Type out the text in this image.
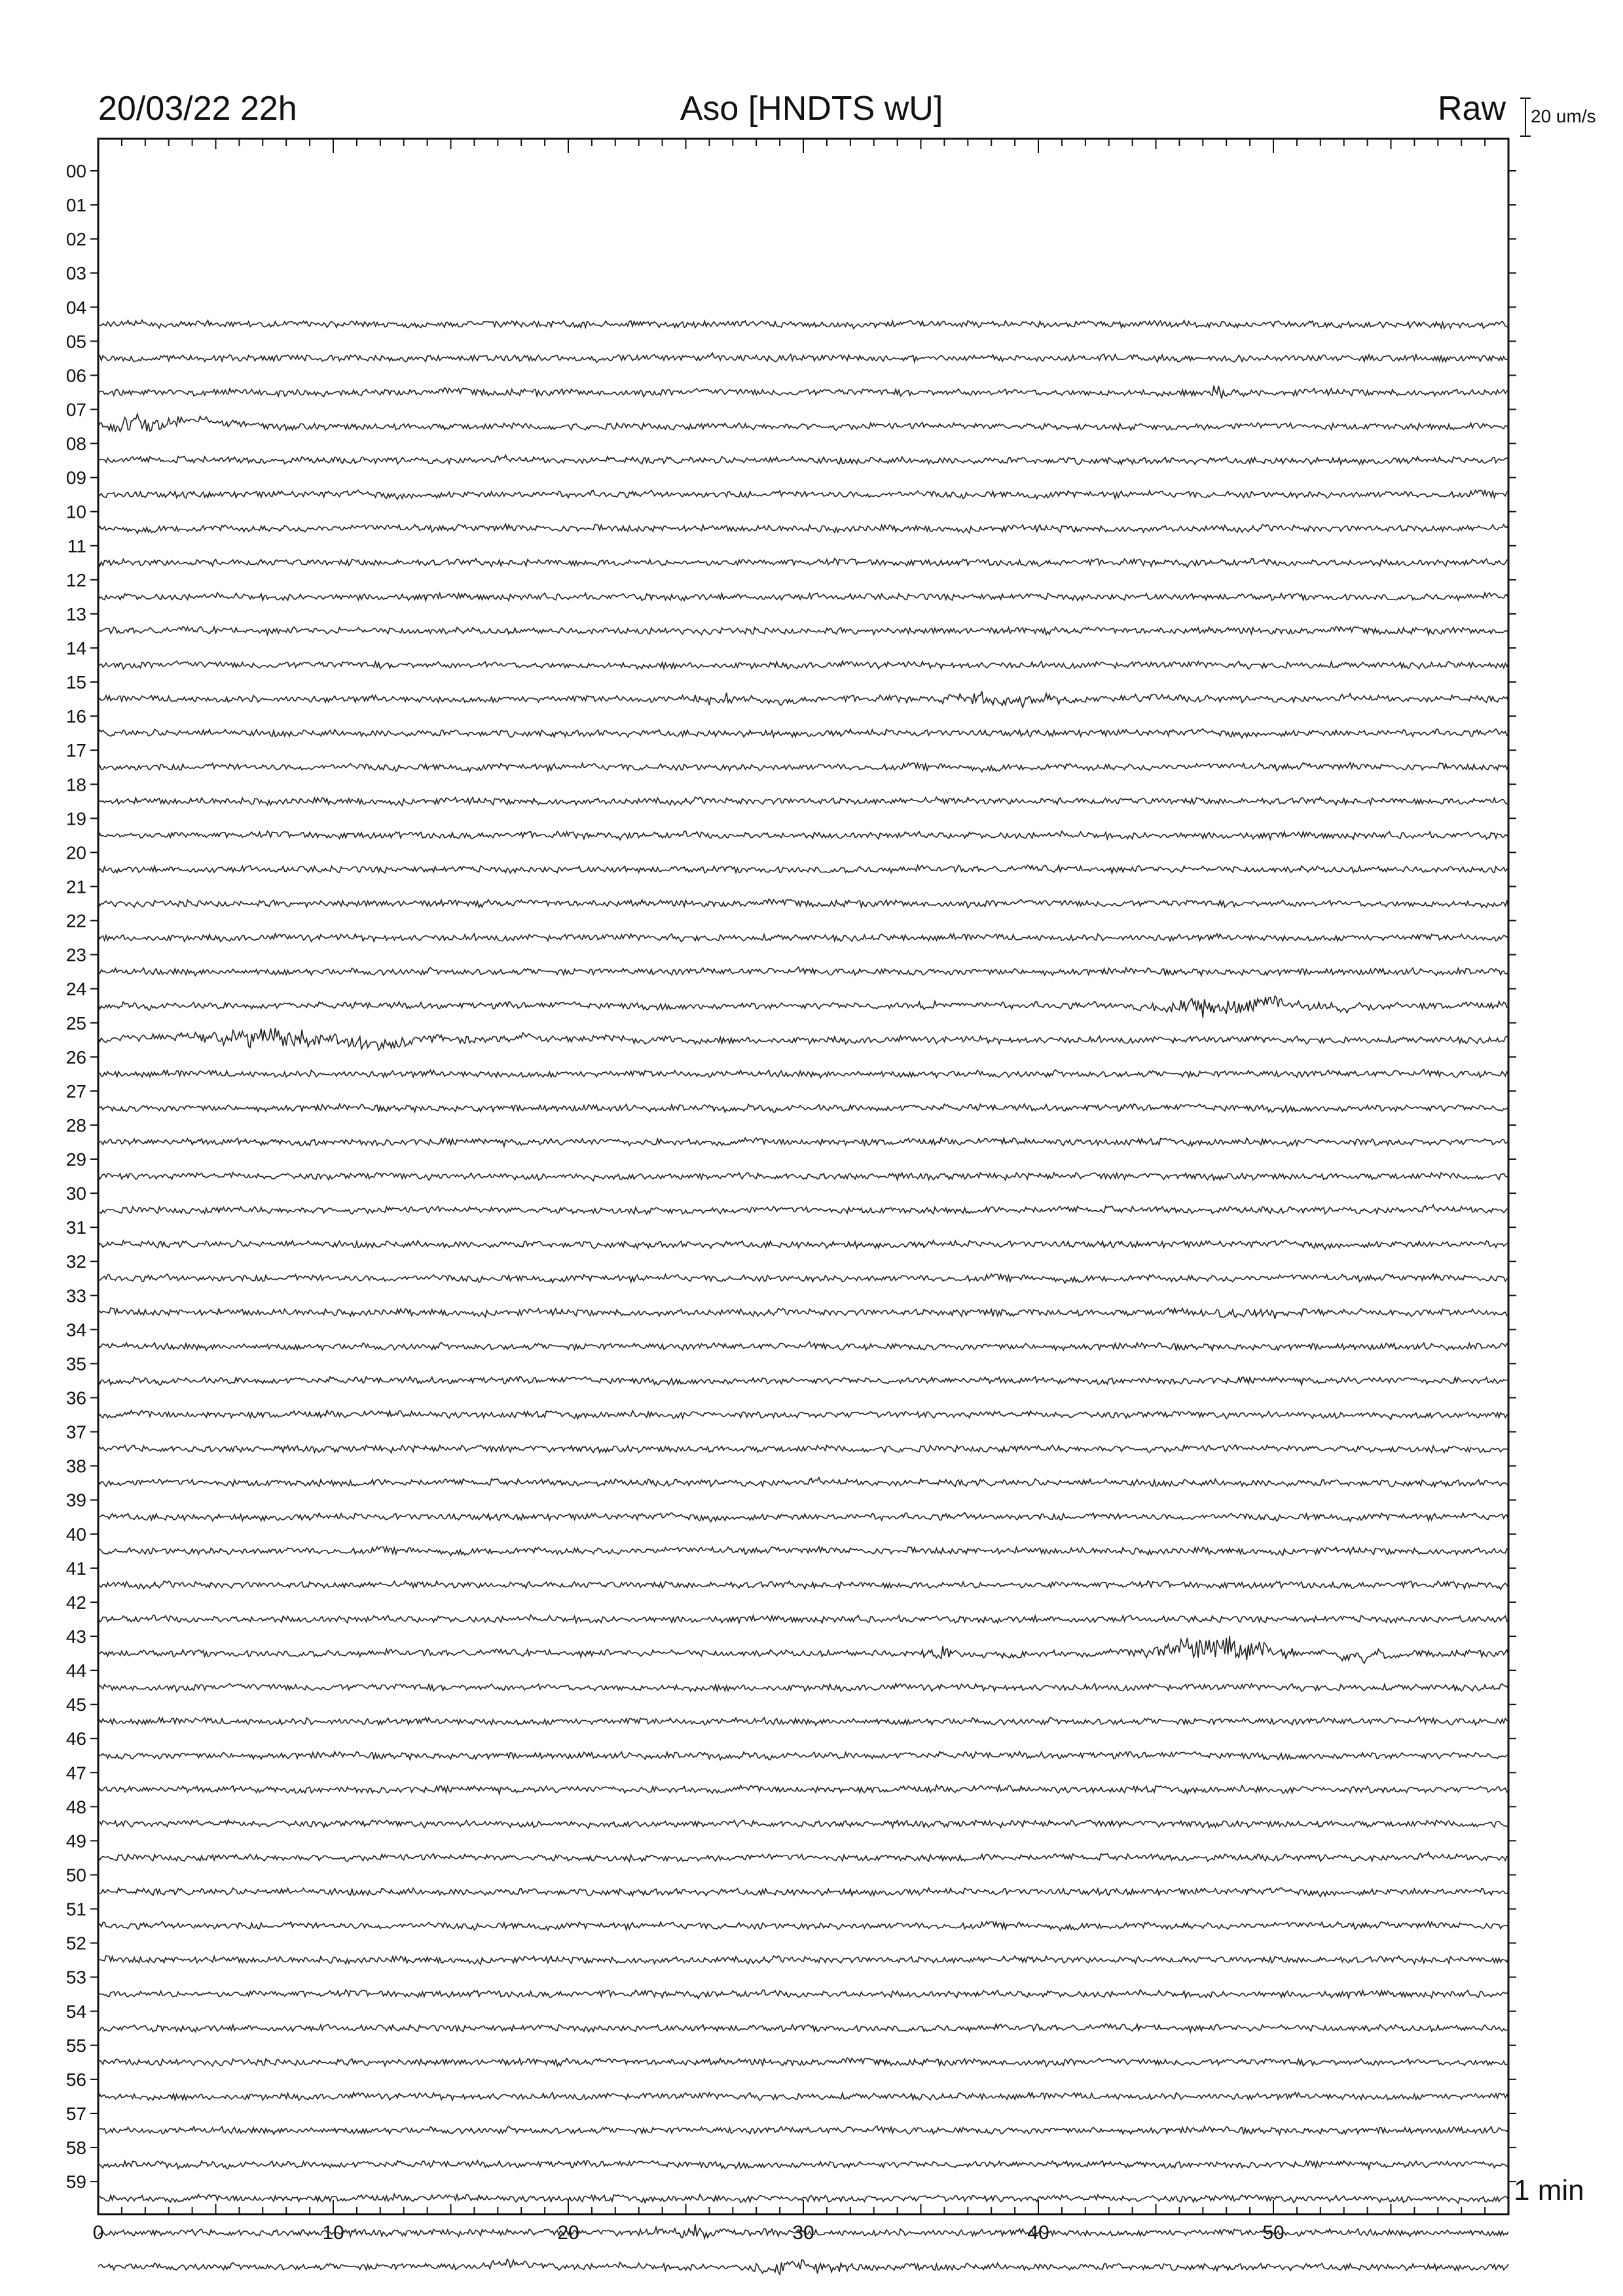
20/03/22 22h	Aso [HNDTS wU]	Raw 20 um/s
1 min
0	10	20	30	40	50
00
01
02
03
04
05
06
07
08
09
10
11
12
13
14
15
16
17
18
19
20
21
22
23
24
25
26
27
28
29
30
31
32
33
34
35
36
37
38
39
40
41
42
43
44
45
46
47
48
49
50
51
52
53
54
55
56
57
58
59
